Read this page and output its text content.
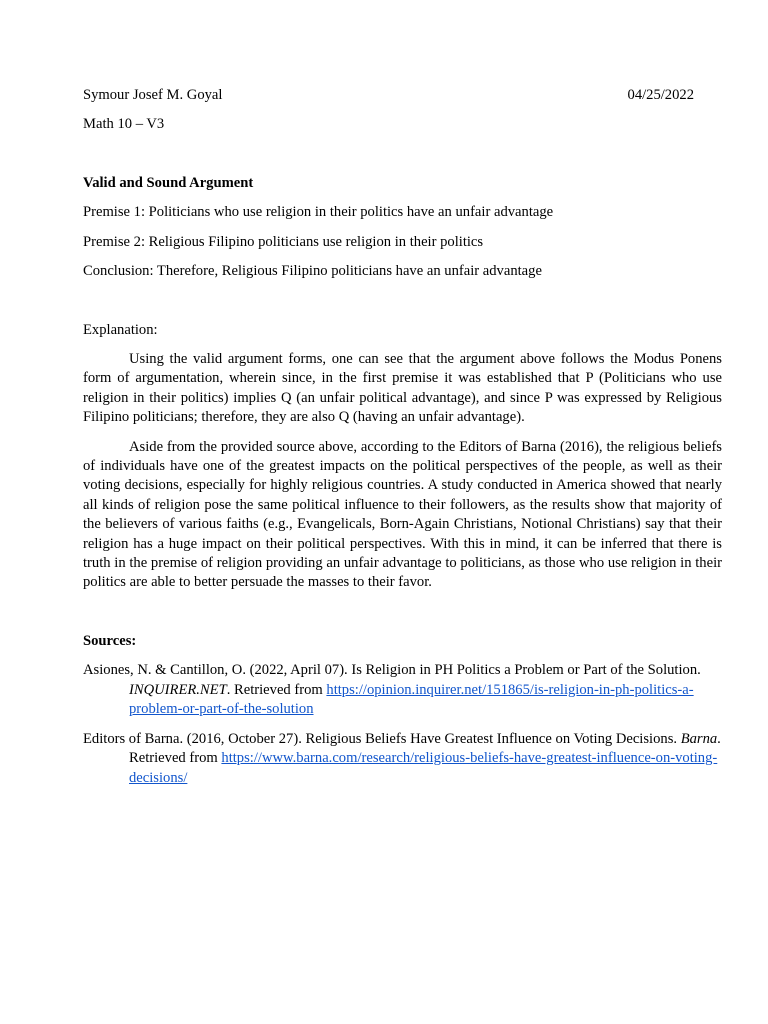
Symour Josef M. Goyal	04/25/2022

Math 10 – V3

Valid and Sound Argument

Premise 1: Politicians who use religion in their politics have an unfair advantage

Premise 2: Religious Filipino politicians use religion in their politics

Conclusion: Therefore, Religious Filipino politicians have an unfair advantage

Explanation:

Using the valid argument forms, one can see that the argument above follows the Modus Ponens form of argumentation, wherein since, in the first premise it was established that P (Politicians who use religion in their politics) implies Q (an unfair political advantage), and since P was expressed by Religious Filipino politicians; therefore, they are also Q (having an unfair advantage).

Aside from the provided source above, according to the Editors of Barna (2016), the religious beliefs of individuals have one of the greatest impacts on the political perspectives of the people, as well as their voting decisions, especially for highly religious countries. A study conducted in America showed that nearly all kinds of religion pose the same political influence to their followers, as the results show that majority of the believers of various faiths (e.g., Evangelicals, Born-Again Christians, Notional Christians) say that their religion has a huge impact on their political perspectives. With this in mind, it can be inferred that there is truth in the premise of religion providing an unfair advantage to politicians, as those who use religion in their politics are able to better persuade the masses to their favor.

Sources:

Asiones, N. & Cantillon, O. (2022, April 07). Is Religion in PH Politics a Problem or Part of the Solution. INQUIRER.NET. Retrieved from https://opinion.inquirer.net/151865/is-religion-in-ph-politics-a-problem-or-part-of-the-solution

Editors of Barna. (2016, October 27). Religious Beliefs Have Greatest Influence on Voting Decisions. Barna. Retrieved from https://www.barna.com/research/religious-beliefs-have-greatest-influence-on-voting-decisions/
